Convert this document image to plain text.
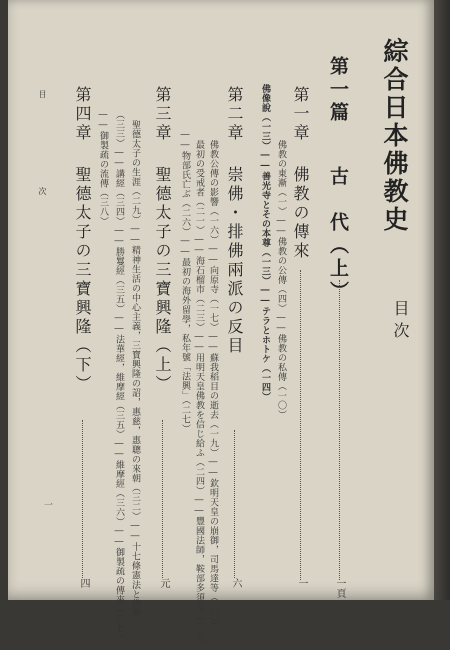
綜合日本佛教史
目次
第一篇
古　代（上）
一頁
第一章
佛教の傳來
一
佛教の東漸（一）――佛教の公傳（四）――佛教の私傳（一〇）
佛像說（一三）――善光寺とその本尊（一三）――テラとホトケ（一四）
第二章
崇佛・排佛兩派の反目
六
佛教公傳の影響（一六）――向原寺（一七）――蘇我稻目の逝去（一九）――欽明天皇の崩御，司馬達等（二〇）
最初の受戒者（二一）――海石榴市（二三）――用明天皇佛教を信じ給ふ（二四）――豐國法師，鞍部多須奈（二五）
――物部氏亡ぶ（二六）――最初の海外留學，私年號「法興」（二七）
第三章
聖德太子の三寶興隆（上）
元
聖德太子の生涯（二九）――精神生活の中心主義，三寶興隆の詔，惠慈，惠聰の來朝（三二）――十七條憲法と佛教
（三三）――講經（三四）――勝鬘經（三五）――法華經，維摩經（三五）――維摩經（三六）――御製疏の傳來（三七）
――御製疏の流傳（三八）
第四章
聖德太子の三寶興隆（下）
四
目 次
一
